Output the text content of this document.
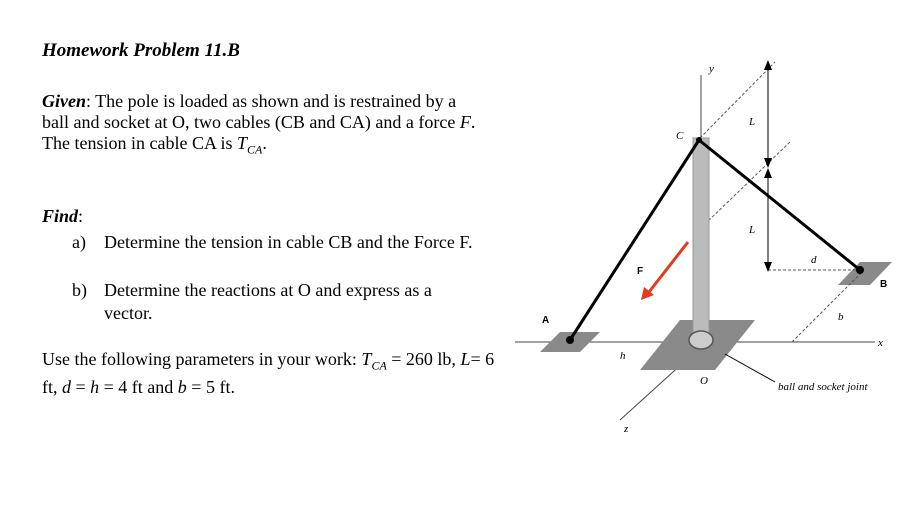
Homework Problem 11.B
Given: The pole is loaded as shown and is restrained by a ball and socket at O, two cables (CB and CA) and a force F. The tension in cable CA is $T_{CA}$.
Find:
a) Determine the tension in cable CB and the Force F.
b) Determine the reactions at O and express as a vector.
Use the following parameters in your work: $T_{CA} = 260$ lb, L= 6 ft, d = h = 4 ft and b = 5 ft.
y
C
L
L
d
F
B
A	b
x
h
O
z
ball and socket joint
